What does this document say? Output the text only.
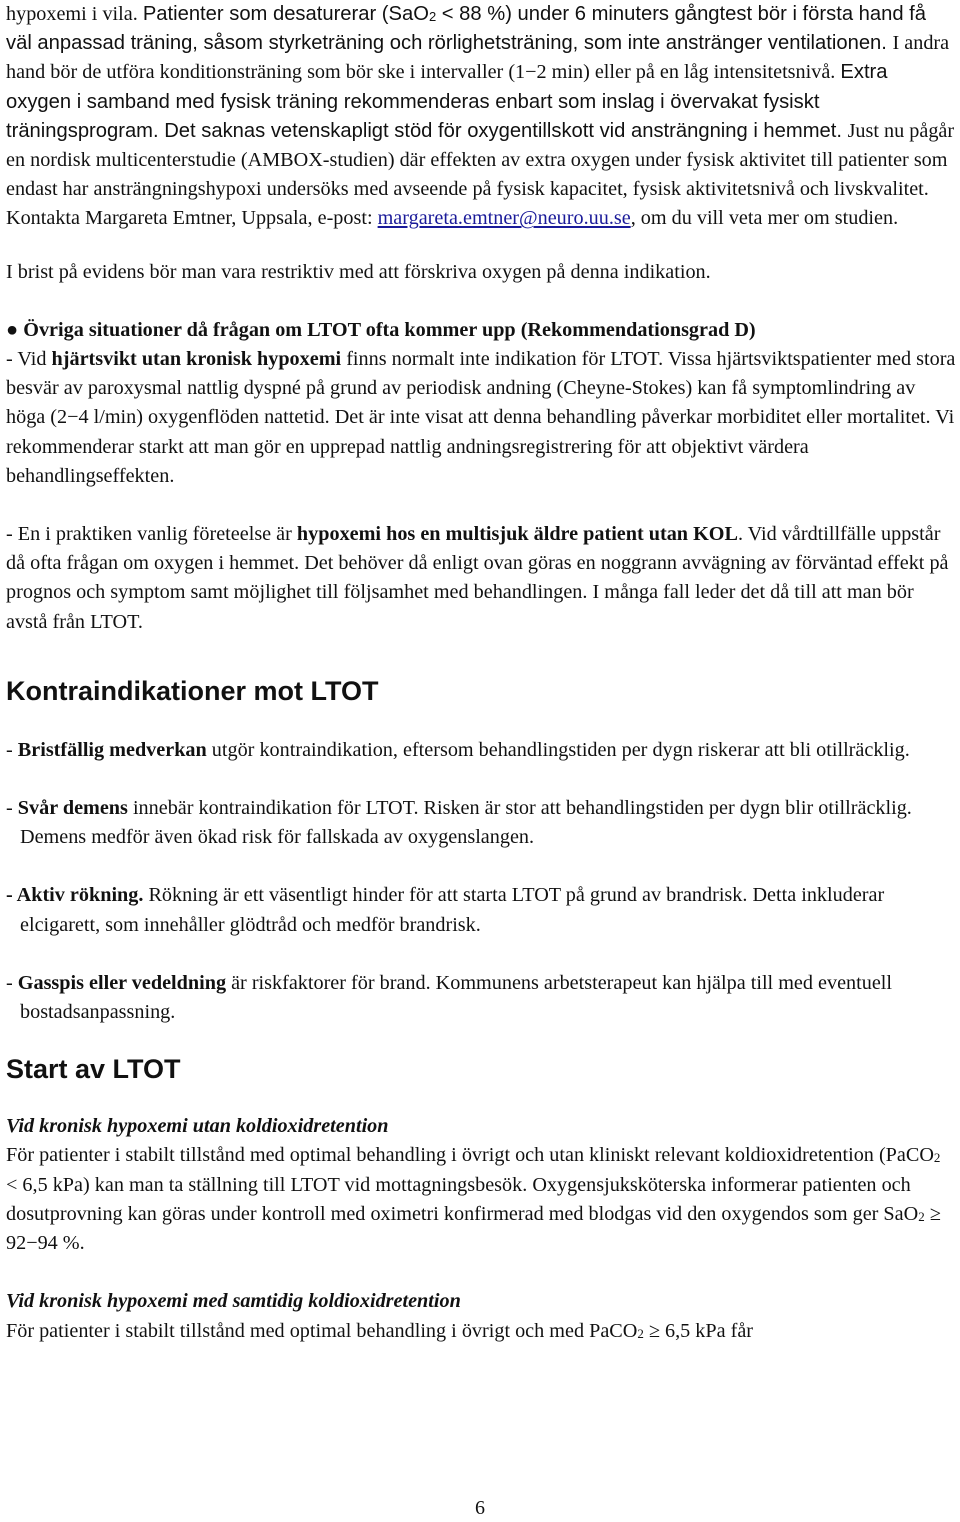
hypoxemi i vila. Patienter som desaturerar (SaO$_2$ < 88 %) under 6 minuters gångtest bör i första hand få väl anpassad träning, såsom styrketräning och rörlighetsträning, som inte anstränger ventilationen. I andra hand bör de utföra konditionsträning som bör ske i intervaller (1−2 min) eller på en låg intensitetsnivå. Extra oxygen i samband med fysisk träning rekommenderas enbart som inslag i övervakat fysiskt träningsprogram. Det saknas vetenskapligt stöd för oxygentillskott vid ansträngning i hemmet. Just nu pågår en nordisk multicenterstudie (AMBOX-studien) där effekten av extra oxygen under fysisk aktivitet till patienter som endast har ansträngningshypoxi undersöks med avseende på fysisk kapacitet, fysisk aktivitetsnivå och livskvalitet. Kontakta Margareta Emtner, Uppsala, e-post: margareta.emtner@neuro.uu.se, om du vill veta mer om studien.

I brist på evidens bör man vara restriktiv med att förskriva oxygen på denna indikation.

● Övriga situationer då frågan om LTOT ofta kommer upp (Rekommendationsgrad D)

- Vid hjärtsvikt utan kronisk hypoxemi finns normalt inte indikation för LTOT. Vissa hjärtsviktspatienter med stora besvär av paroxysmal nattlig dyspné på grund av periodisk andning (Cheyne-Stokes) kan få symptomlindring av höga (2−4 l/min) oxygenflöden nattetid. Det är inte visat att denna behandling påverkar morbiditet eller mortalitet. Vi rekommenderar starkt att man gör en upprepad nattlig andningsregistrering för att objektivt värdera behandlingseffekten.

- En i praktiken vanlig företeelse är hypoxemi hos en multisjuk äldre patient utan KOL. Vid vårdtillfälle uppstår då ofta frågan om oxygen i hemmet. Det behöver då enligt ovan göras en noggrann avvägning av förväntad effekt på prognos och symptom samt möjlighet till följsamhet med behandlingen. I många fall leder det då till att man bör avstå från LTOT.

Kontraindikationer mot LTOT

- Bristfällig medverkan utgör kontraindikation, eftersom behandlingstiden per dygn riskerar att bli otillräcklig.

- Svår demens innebär kontraindikation för LTOT. Risken är stor att behandlingstiden per dygn blir otillräcklig. Demens medför även ökad risk för fallskada av oxygenslangen.

- Aktiv rökning. Rökning är ett väsentligt hinder för att starta LTOT på grund av brandrisk. Detta inkluderar elcigarett, som innehåller glödtråd och medför brandrisk.

- Gasspis eller vedeldning är riskfaktorer för brand. Kommunens arbetsterapeut kan hjälpa till med eventuell bostadsanpassning.

Start av LTOT

Vid kronisk hypoxemi utan koldioxidretention

För patienter i stabilt tillstånd med optimal behandling i övrigt och utan kliniskt relevant koldioxidretention (PaCO$_2$ < 6,5 kPa) kan man ta ställning till LTOT vid mottagningsbesök. Oxygensjuksköterska informerar patienten och dosutprovning kan göras under kontroll med oximetri konfirmerad med blodgas vid den oxygendos som ger SaO$_2$ ≥ 92−94 %.

Vid kronisk hypoxemi med samtidig koldioxidretention

För patienter i stabilt tillstånd med optimal behandling i övrigt och med PaCO$_2$ ≥ 6,5 kPa får

6
